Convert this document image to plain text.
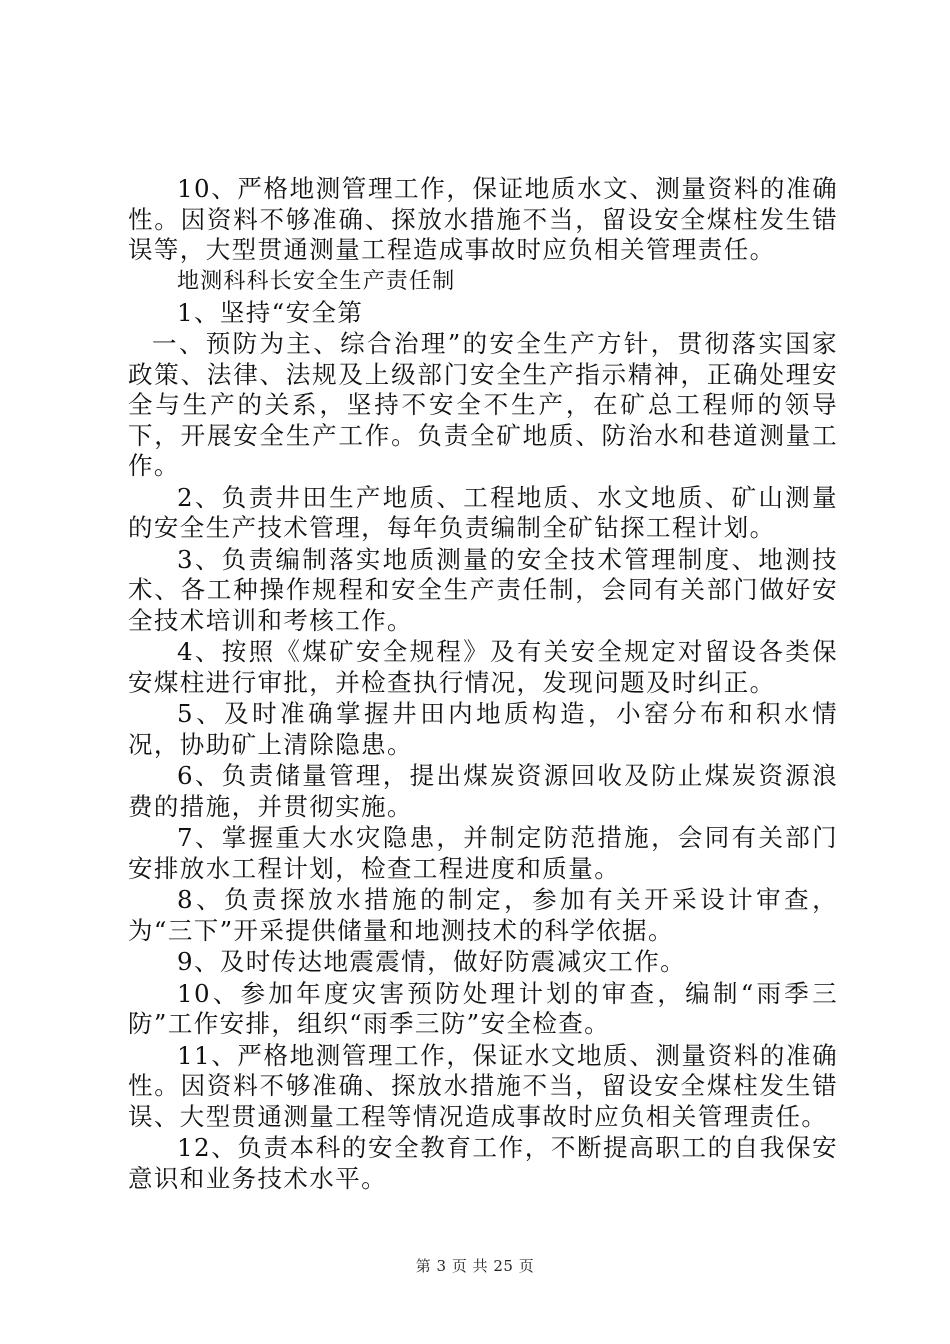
10、严格地测管理工作，保证地质水文、测量资料的准确性。因资料不够准确、探放水措施不当，留设安全煤柱发生错误等，大型贯通测量工程造成事故时应负相关管理责任。

地测科科长安全生产责任制

1、坚持“安全第

一、预防为主、综合治理”的安全生产方针，贯彻落实国家政策、法律、法规及上级部门安全生产指示精神，正确处理安全与生产的关系，坚持不安全不生产，在矿总工程师的领导下，开展安全生产工作。负责全矿地质、防治水和巷道测量工作。

2、负责井田生产地质、工程地质、水文地质、矿山测量的安全生产技术管理，每年负责编制全矿钻探工程计划。

3、负责编制落实地质测量的安全技术管理制度、地测技术、各工种操作规程和安全生产责任制，会同有关部门做好安全技术培训和考核工作。

4、按照《煤矿安全规程》及有关安全规定对留设各类保安煤柱进行审批，并检查执行情况，发现问题及时纠正。

5、及时准确掌握井田内地质构造，小窑分布和积水情况，协助矿上清除隐患。

6、负责储量管理，提出煤炭资源回收及防止煤炭资源浪费的措施，并贯彻实施。

7、掌握重大水灾隐患，并制定防范措施，会同有关部门安排放水工程计划，检查工程进度和质量。

8、负责探放水措施的制定，参加有关开采设计审查，为“三下”开采提供储量和地测技术的科学依据。

9、及时传达地震震情，做好防震减灾工作。

10、参加年度灾害预防处理计划的审查，编制“雨季三防”工作安排，组织“雨季三防”安全检查。

11、严格地测管理工作，保证水文地质、测量资料的准确性。因资料不够准确、探放水措施不当，留设安全煤柱发生错误、大型贯通测量工程等情况造成事故时应负相关管理责任。

12、负责本科的安全教育工作，不断提高职工的自我保安意识和业务技术水平。

第 3 页 共 25 页
